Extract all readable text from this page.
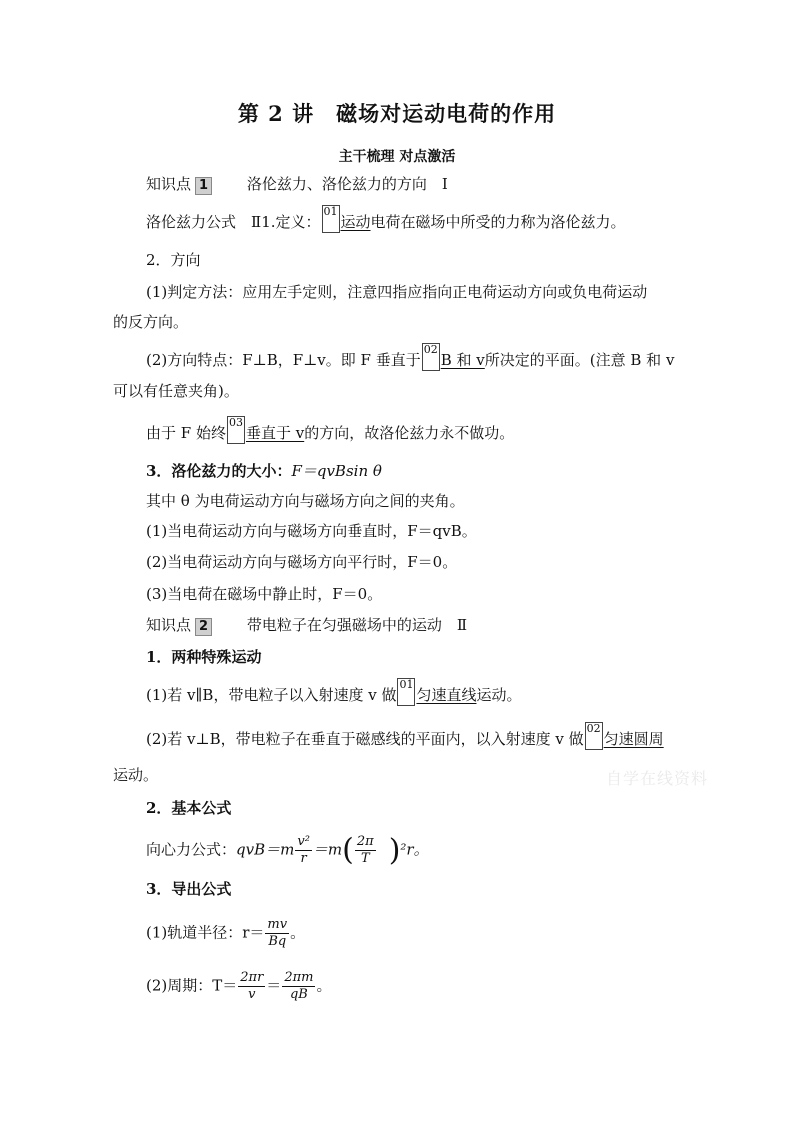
第 2 讲　磁场对运动电荷的作用
主干梳理 对点激活
知识点 1	洛伦兹力、洛伦兹力的方向　Ⅰ
洛伦兹力公式　Ⅱ1.定义：01运动电荷在磁场中所受的力称为洛伦兹力。
2．方向
(1)判定方法：应用左手定则，注意四指应指向正电荷运动方向或负电荷运动
的反方向。
(2)方向特点：F⊥B，F⊥v。即 F 垂直于02B 和 v所决定的平面。(注意 B 和 v
可以有任意夹角)。
由于 F 始终03垂直于 v的方向，故洛伦兹力永不做功。
3．洛伦兹力的大小：F＝qvBsin θ
其中 θ 为电荷运动方向与磁场方向之间的夹角。
(1)当电荷运动方向与磁场方向垂直时，F＝qvB。
(2)当电荷运动方向与磁场方向平行时，F＝0。
(3)当电荷在磁场中静止时，F＝0。
知识点 2	带电粒子在匀强磁场中的运动　Ⅱ
1．两种特殊运动
(1)若 v∥B，带电粒子以入射速度 v 做01匀速直线运动。
(2)若 v⊥B，带电粒子在垂直于磁感线的平面内，以入射速度 v 做02匀速圆周
运动。
2．基本公式
向心力公式：$qvB=m \frac{\text{v²}}{r} =m( \frac{2\pi}{T} )^2r$。
3．导出公式
(1)轨道半径：$r= \frac{mv}{Bq}$ 。
(2)周期：$T= \frac{2\pi r}{v} = \frac{2\pi m}{qB}$ 。
自学在线资料
